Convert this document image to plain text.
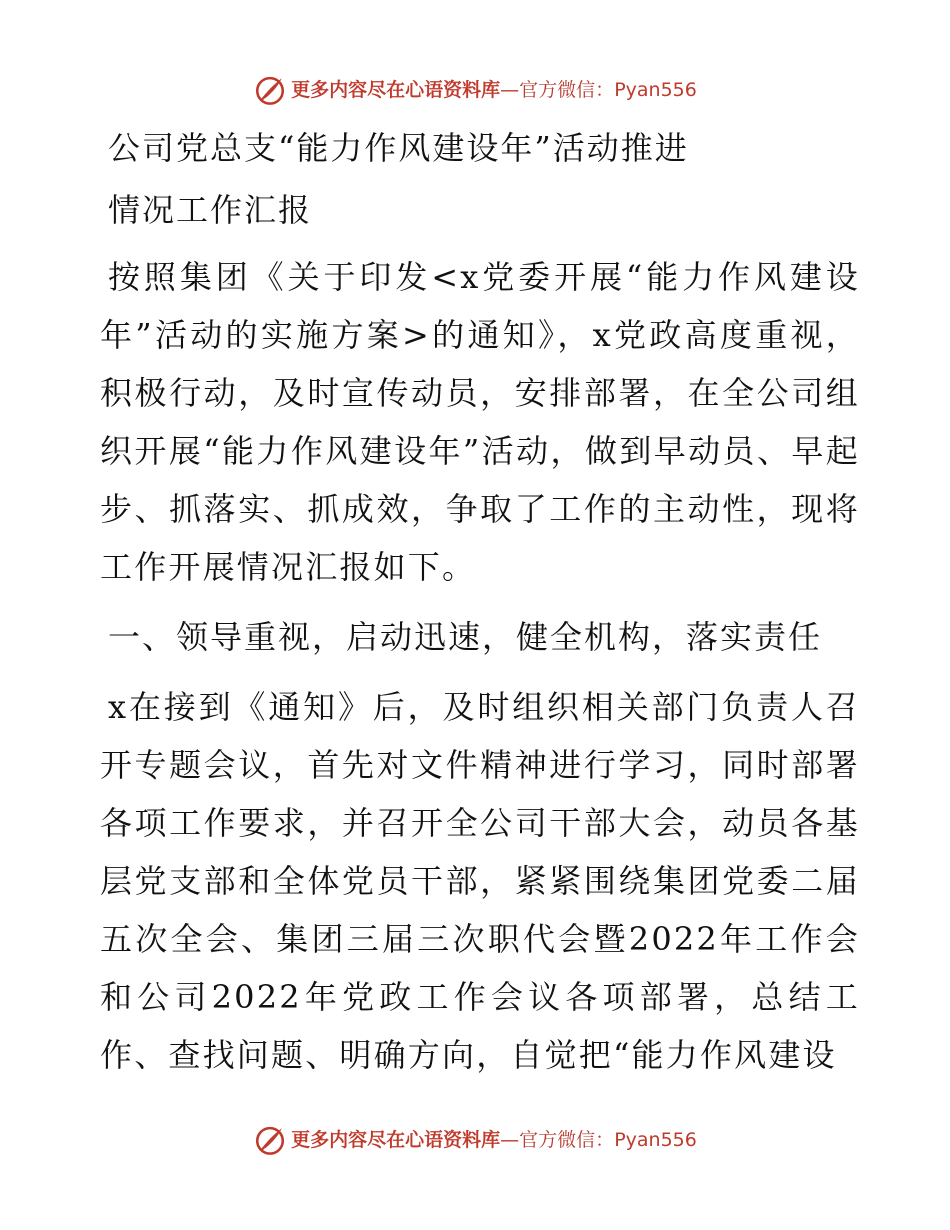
更多内容尽在心语资料库 — 官方微信： Pyan556
公司党总支“能力作风建设年”活动推进
情况工作汇报

按照集团《关于印发<x党委开展“能力作风建设年”活动的实施方案>的通知》，x党政高度重视，积极行动，及时宣传动员，安排部署，在全公司组织开展“能力作风建设年”活动，做到早动员、早起步、抓落实、抓成效，争取了工作的主动性，现将工作开展情况汇报如下。

一、领导重视，启动迅速，健全机构，落实责任

x在接到《通知》后，及时组织相关部门负责人召开专题会议，首先对文件精神进行学习，同时部署各项工作要求，并召开全公司干部大会，动员各基层党支部和全体党员干部，紧紧围绕集团党委二届五次全会、集团三届三次职代会暨2022年工作会和公司2022年党政工作会议各项部署，总结工作、查找问题、明确方向，自觉把“能力作风建设

更多内容尽在心语资料库 — 官方微信： Pyan556
